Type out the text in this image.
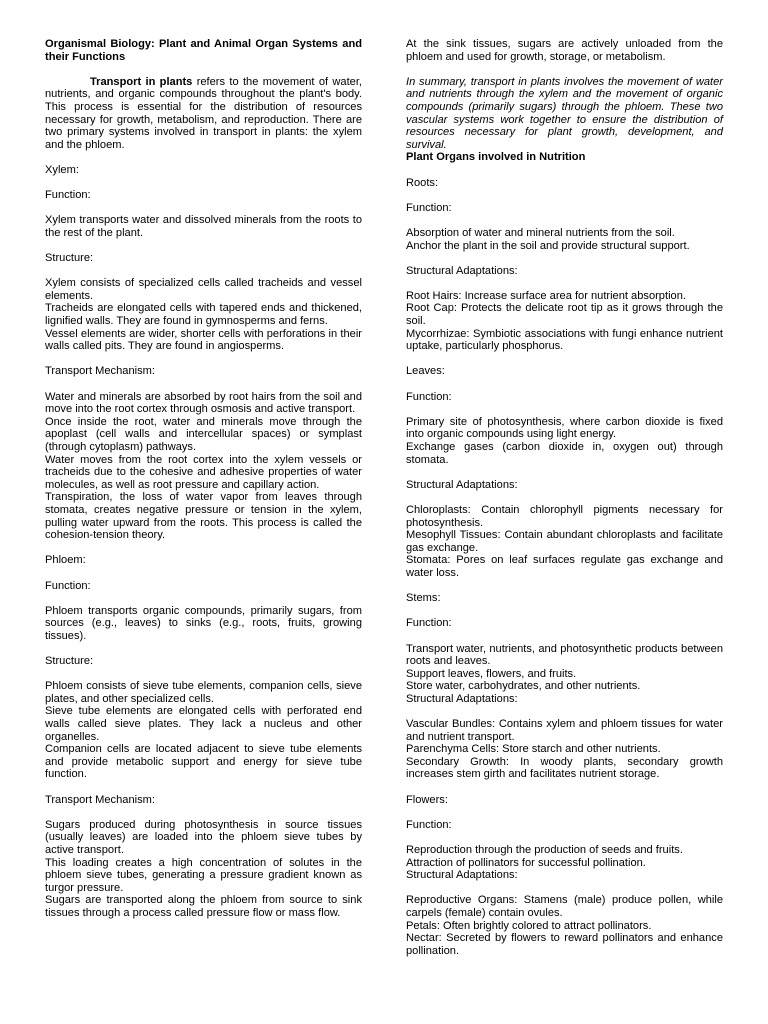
Organismal Biology: Plant and Animal Organ Systems and their Functions

Transport in plants refers to the movement of water, nutrients, and organic compounds throughout the plant's body. This process is essential for the distribution of resources necessary for growth, metabolism, and reproduction. There are two primary systems involved in transport in plants: the xylem and the phloem.

Xylem:

Function:

Xylem transports water and dissolved minerals from the roots to the rest of the plant.

Structure:

Xylem consists of specialized cells called tracheids and vessel elements.

Tracheids are elongated cells with tapered ends and thickened, lignified walls. They are found in gymnosperms and ferns.

Vessel elements are wider, shorter cells with perforations in their walls called pits. They are found in angiosperms.

Transport Mechanism:

Water and minerals are absorbed by root hairs from the soil and move into the root cortex through osmosis and active transport.

Once inside the root, water and minerals move through the apoplast (cell walls and intercellular spaces) or symplast (through cytoplasm) pathways.

Water moves from the root cortex into the xylem vessels or tracheids due to the cohesive and adhesive properties of water molecules, as well as root pressure and capillary action.

Transpiration, the loss of water vapor from leaves through stomata, creates negative pressure or tension in the xylem, pulling water upward from the roots. This process is called the cohesion-tension theory.

Phloem:

Function:

Phloem transports organic compounds, primarily sugars, from sources (e.g., leaves) to sinks (e.g., roots, fruits, growing tissues).

Structure:

Phloem consists of sieve tube elements, companion cells, sieve plates, and other specialized cells.

Sieve tube elements are elongated cells with perforated end walls called sieve plates. They lack a nucleus and other organelles.

Companion cells are located adjacent to sieve tube elements and provide metabolic support and energy for sieve tube function.

Transport Mechanism:

Sugars produced during photosynthesis in source tissues (usually leaves) are loaded into the phloem sieve tubes by active transport.

This loading creates a high concentration of solutes in the phloem sieve tubes, generating a pressure gradient known as turgor pressure.

Sugars are transported along the phloem from source to sink tissues through a process called pressure flow or mass flow.

At the sink tissues, sugars are actively unloaded from the phloem and used for growth, storage, or metabolism.

In summary, transport in plants involves the movement of water and nutrients through the xylem and the movement of organic compounds (primarily sugars) through the phloem. These two vascular systems work together to ensure the distribution of resources necessary for plant growth, development, and survival.

Plant Organs involved in Nutrition

Roots:

Function:

Absorption of water and mineral nutrients from the soil.

Anchor the plant in the soil and provide structural support.

Structural Adaptations:

Root Hairs: Increase surface area for nutrient absorption.

Root Cap: Protects the delicate root tip as it grows through the soil.

Mycorrhizae: Symbiotic associations with fungi enhance nutrient uptake, particularly phosphorus.

Leaves:

Function:

Primary site of photosynthesis, where carbon dioxide is fixed into organic compounds using light energy.

Exchange gases (carbon dioxide in, oxygen out) through stomata.

Structural Adaptations:

Chloroplasts: Contain chlorophyll pigments necessary for photosynthesis.

Mesophyll Tissues: Contain abundant chloroplasts and facilitate gas exchange.

Stomata: Pores on leaf surfaces regulate gas exchange and water loss.

Stems:

Function:

Transport water, nutrients, and photosynthetic products between roots and leaves.

Support leaves, flowers, and fruits.

Store water, carbohydrates, and other nutrients.

Structural Adaptations:

Vascular Bundles: Contains xylem and phloem tissues for water and nutrient transport.

Parenchyma Cells: Store starch and other nutrients.

Secondary Growth: In woody plants, secondary growth increases stem girth and facilitates nutrient storage.

Flowers:

Function:

Reproduction through the production of seeds and fruits.

Attraction of pollinators for successful pollination.

Structural Adaptations:

Reproductive Organs: Stamens (male) produce pollen, while carpels (female) contain ovules.

Petals: Often brightly colored to attract pollinators.

Nectar: Secreted by flowers to reward pollinators and enhance pollination.
